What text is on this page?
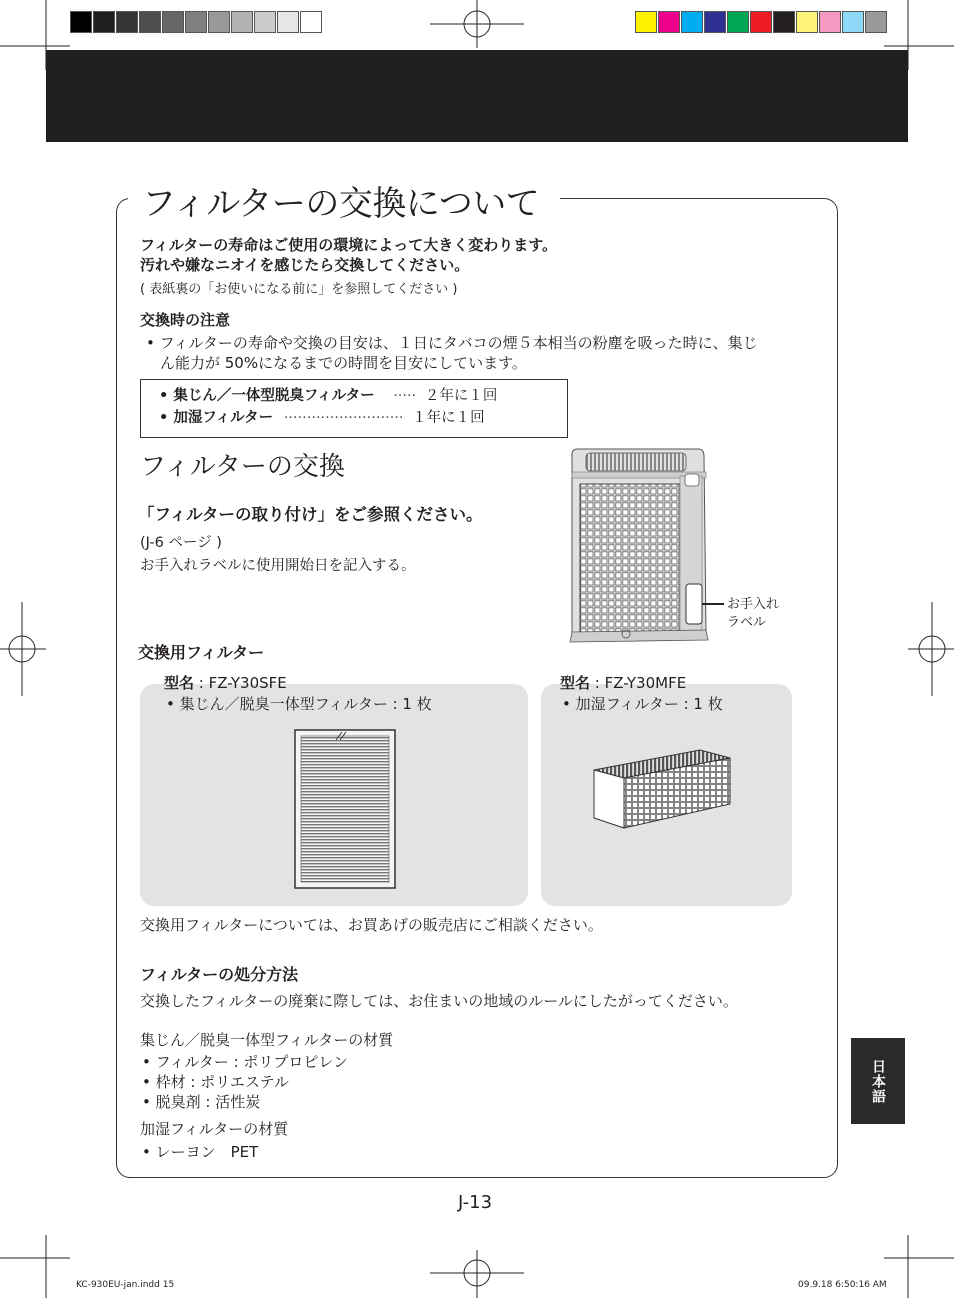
フィルターの交換について
フィルターの寿命はご使用の環境によって大きく変わります。
汚れや嫌なニオイを感じたら交換してください。
( 表紙裏の「お使いになる前に」を参照してください )
交換時の注意
• フィルターの寿命や交換の目安は、１日にタバコの煙５本相当の粉塵を吸った時に、集じ
ん能力が 50%になるまでの時間を目安にしています。
• 集じん／一体型脱臭フィルター ····· ２年に１回
• 加湿フィルター ·························· １年に１回
フィルターの交換
「フィルターの取り付け」をご参照ください。
(J-6 ページ )
お手入れラベルに使用開始日を記入する。
お手入れ
ラベル
交換用フィルター
型名 : FZ-Y30SFE
• 集じん／脱臭一体型フィルター : 1 枚
型名 : FZ-Y30MFE
• 加湿フィルター : 1 枚
交換用フィルターについては、お買あげの販売店にご相談ください。
フィルターの処分方法
交換したフィルターの廃棄に際しては、お住まいの地域のルールにしたがってください。
集じん／脱臭一体型フィルターの材質
• フィルター : ポリプロピレン
• 枠材 : ポリエステル
• 脱臭剤 : 活性炭
加湿フィルターの材質
• レーヨン　PET
日本語
J-13
KC-930EU-jan.indd 15	09.9.18 6:50:16 AM
